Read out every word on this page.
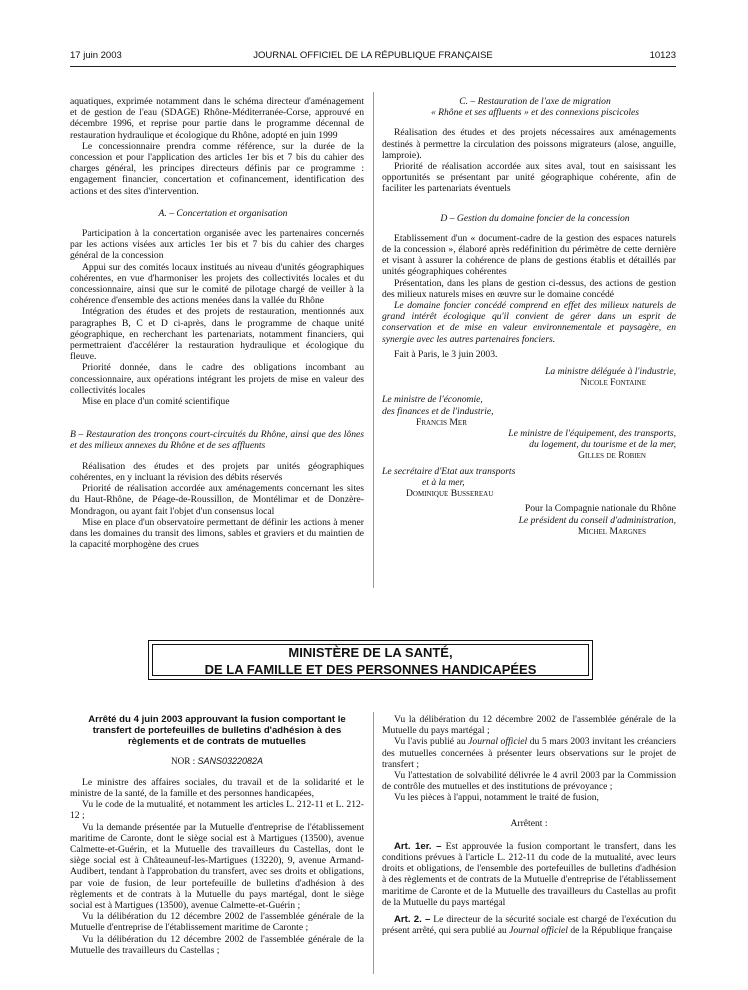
17 juin 2003	JOURNAL OFFICIEL DE LA RÉPUBLIQUE FRANÇAISE	10123

aquatiques, exprimée notamment dans le schéma directeur d'aménagement et de gestion de l'eau (SDAGE) Rhône-Méditerranée-Corse, approuvé en décembre 1996, et reprise pour partie dans le programme décennal de restauration hydraulique et écologique du Rhône, adopté en juin 1999

Le concessionnaire prendra comme référence, sur la durée de la concession et pour l'application des articles 1er bis et 7 bis du cahier des charges général, les principes directeurs définis par ce programme : engagement financier, concertation et cofinancement, identification des actions et des sites d'intervention.

A. – Concertation et organisation

Participation à la concertation organisée avec les partenaires concernés par les actions visées aux articles 1er bis et 7 bis du cahier des charges général de la concession

Appui sur des comités locaux institués au niveau d'unités géographiques cohérentes, en vue d'harmoniser les projets des collectivités locales et du concessionnaire, ainsi que sur le comité de pilotage chargé de veiller à la cohérence d'ensemble des actions menées dans la vallée du Rhône

Intégration des études et des projets de restauration, mentionnés aux paragraphes B, C et D ci-après, dans le programme de chaque unité géographique, en recherchant les partenariats, notamment financiers, qui permettraient d'accélérer la restauration hydraulique et écologique du fleuve.

Priorité donnée, dans le cadre des obligations incombant au concessionnaire, aux opérations intégrant les projets de mise en valeur des collectivités locales

Mise en place d'un comité scientifique

B – Restauration des tronçons court-circuités du Rhône, ainsi que des lônes et des milieux annexes du Rhône et de ses affluents

Réalisation des études et des projets par unités géographiques cohérentes, en y incluant la révision des débits réservés

Priorité de réalisation accordée aux aménagements concernant les sites du Haut-Rhône, de Péage-de-Roussillon, de Montélimar et de Donzère-Mondragon, ou ayant fait l'objet d'un consensus local

Mise en place d'un observatoire permettant de définir les actions à mener dans les domaines du transit des limons, sables et graviers et du maintien de la capacité morphogène des crues

C. – Restauration de l'axe de migration

« Rhône et ses affluents » et des connexions piscicoles

Réalisation des études et des projets nécessaires aux aménagements destinés à permettre la circulation des poissons migrateurs (alose, anguille, lamproie).

Priorité de réalisation accordée aux sites aval, tout en saisissant les opportunités se présentant par unité géographique cohérente, afin de faciliter les partenariats éventuels

D – Gestion du domaine foncier de la concession

Etablissement d'un « document-cadre de la gestion des espaces naturels de la concession », élaboré après redéfinition du périmètre de cette dernière et visant à assurer la cohérence de plans de gestions établis et détaillés par unités géographiques cohérentes

Présentation, dans les plans de gestion ci-dessus, des actions de gestion des milieux naturels mises en œuvre sur le domaine concédé

Le domaine foncier concédé comprend en effet des milieux naturels de grand intérêt écologique qu'il convient de gérer dans un esprit de conservation et de mise en valeur environnementale et paysagère, en synergie avec les autres partenaires fonciers.

Fait à Paris, le 3 juin 2003.

La ministre déléguée à l'industrie,
Nicole Fontaine
Le ministre de l'économie,
des finances et de l'industrie,
Francis Mer
Le ministre de l'équipement, des transports,
du logement, du tourisme et de la mer,
Gilles de Robien
Le secrétaire d'Etat aux transports
et à la mer,
Dominique Bussereau
Pour la Compagnie nationale du Rhône
Le président du conseil d'administration,
Michel Margnes
MINISTÈRE DE LA SANTÉ,
DE LA FAMILLE ET DES PERSONNES HANDICAPÉES

Arrêté du 4 juin 2003 approuvant la fusion comportant le transfert de portefeuilles de bulletins d'adhésion à des règlements et de contrats de mutuelles

NOR : SANS0322082A

Le ministre des affaires sociales, du travail et de la solidarité et le ministre de la santé, de la famille et des personnes handicapées,

Vu le code de la mutualité, et notamment les articles L. 212-11 et L. 212-12 ;

Vu la demande présentée par la Mutuelle d'entreprise de l'établissement maritime de Caronte, dont le siège social est à Martigues (13500), avenue Calmette-et-Guérin, et la Mutuelle des travailleurs du Castellas, dont le siège social est à Châteauneuf-les-Martigues (13220), 9, avenue Armand-Audibert, tendant à l'approbation du transfert, avec ses droits et obligations, par voie de fusion, de leur portefeuille de bulletins d'adhésion à des règlements et de contrats à la Mutuelle du pays martégal, dont le siège social est à Martigues (13500), avenue Calmette-et-Guérin ;

Vu la délibération du 12 décembre 2002 de l'assemblée générale de la Mutuelle d'entreprise de l'établissement maritime de Caronte ;

Vu la délibération du 12 décembre 2002 de l'assemblée générale de la Mutuelle des travailleurs du Castellas ;

Vu la délibération du 12 décembre 2002 de l'assemblée générale de la Mutuelle du pays martégal ;

Vu l'avis publié au Journal officiel du 5 mars 2003 invitant les créanciers des mutuelles concernées à présenter leurs observations sur le projet de transfert ;

Vu l'attestation de solvabilité délivrée le 4 avril 2003 par la Commission de contrôle des mutuelles et des institutions de prévoyance ;

Vu les pièces à l'appui, notamment le traité de fusion,

Arrêtent :

Art. 1er. – Est approuvée la fusion comportant le transfert, dans les conditions prévues à l'article L. 212-11 du code de la mutualité, avec leurs droits et obligations, de l'ensemble des portefeuilles de bulletins d'adhésion à des règlements et de contrats de la Mutuelle d'entreprise de l'établissement maritime de Caronte et de la Mutuelle des travailleurs du Castellas au profit de la Mutuelle du pays martégal

Art. 2. – Le directeur de la sécurité sociale est chargé de l'exécution du présent arrêté, qui sera publié au Journal officiel de la République française
